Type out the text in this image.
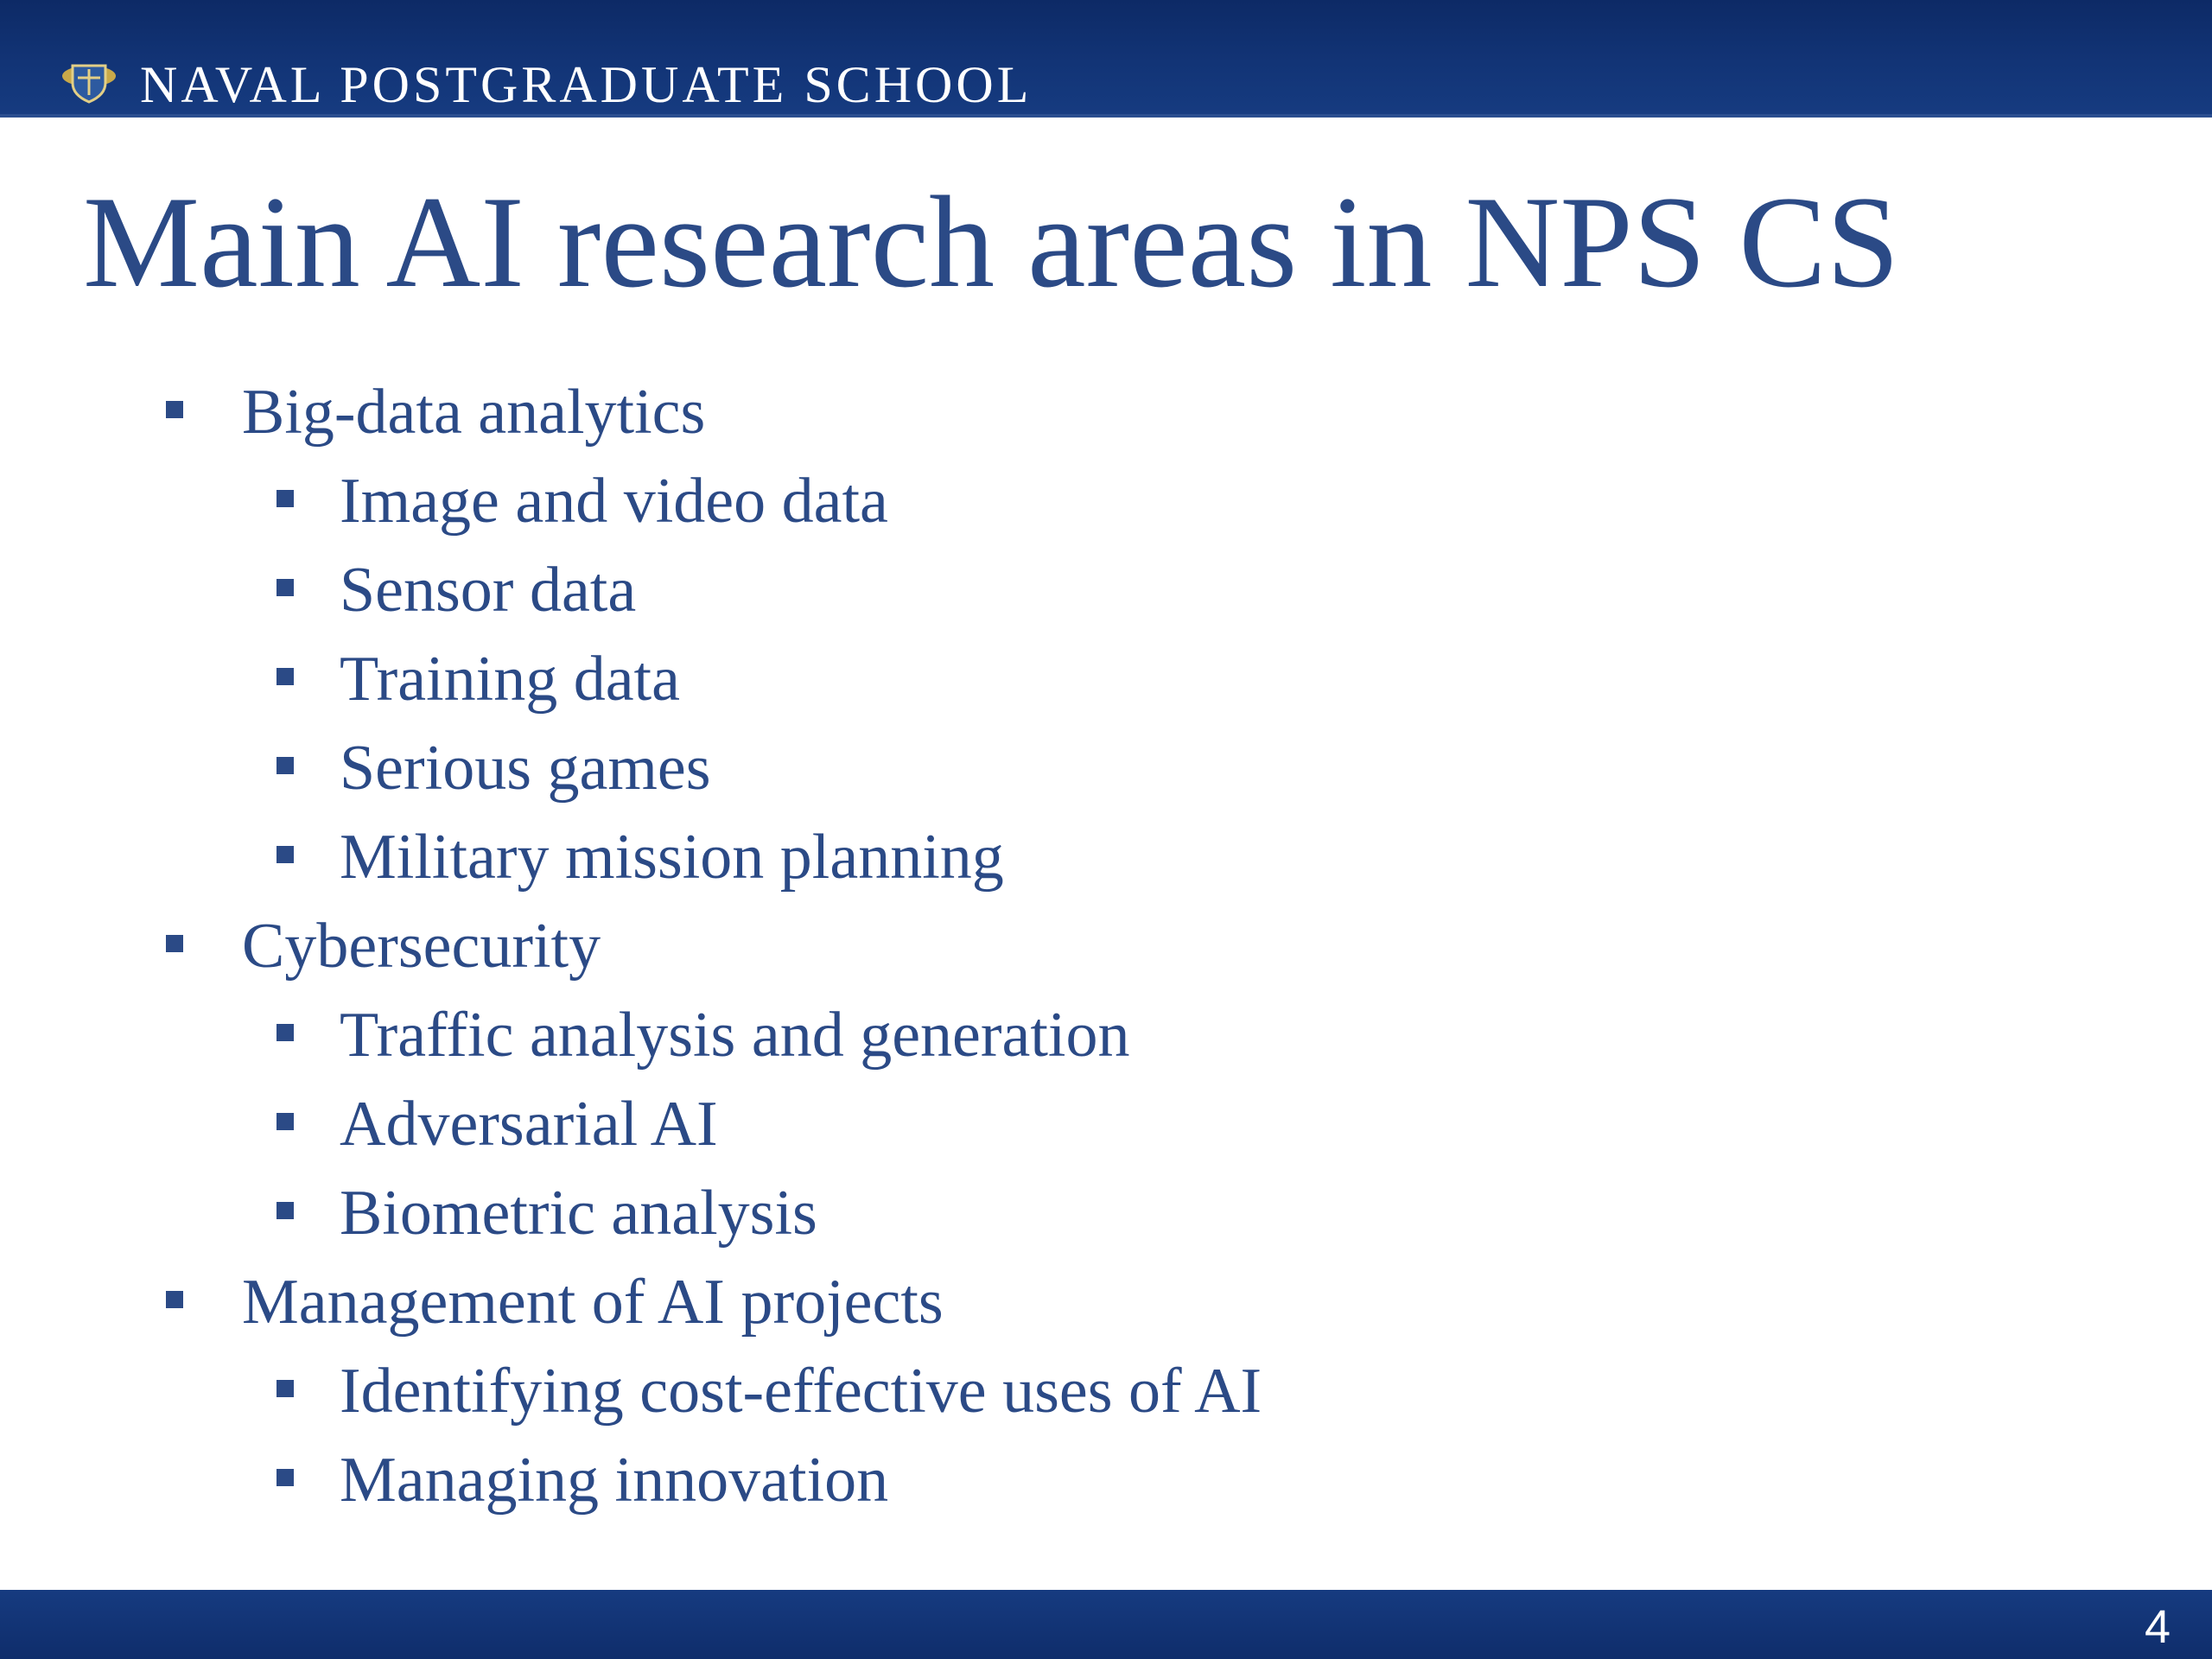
NAVAL POSTGRADUATE SCHOOL
Main AI research areas in NPS CS
Big-data analytics
Image and video data
Sensor data
Training data
Serious games
Military mission planning
Cybersecurity
Traffic analysis and generation
Adversarial AI
Biometric analysis
Management of AI projects
Identifying cost-effective uses of AI
Managing innovation
4
